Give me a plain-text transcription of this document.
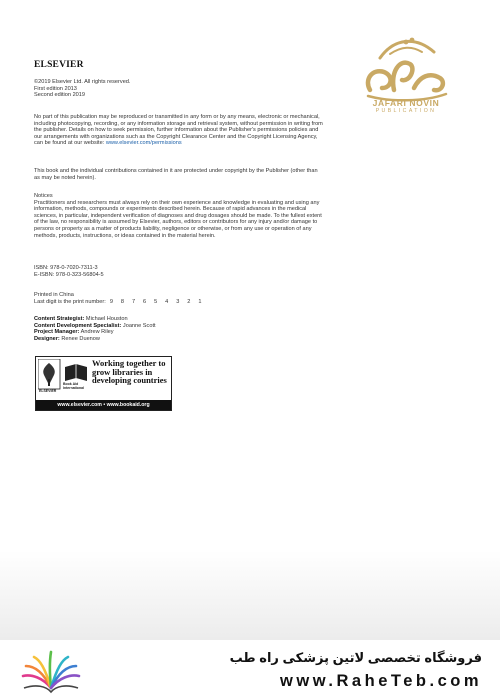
ELSEVIER

©2019 Elsevier Ltd. All rights reserved.

First edition 2013

Second edition 2019

No part of this publication may be reproduced or transmitted in any form or by any means, electronic or mechanical, including photocopying, recording, or any information storage and retrieval system, without permission in writing from the publisher. Details on how to seek permission, further information about the Publisher's permissions policies and our arrangements with organizations such as the Copyright Clearance Center and the Copyright Licensing Agency, can be found at our website: www.elsevier.com/permissions

This book and the individual contributions contained in it are protected under copyright by the Publisher (other than as may be noted herein).

Notices

Practitioners and researchers must always rely on their own experience and knowledge in evaluating and using any information, methods, compounds or experiments described herein. Because of rapid advances in the medical sciences, in particular, independent verification of diagnoses and drug dosages should be made. To the fullest extent of the law, no responsibility is assumed by Elsevier, authors, editors or contributors for any injury and/or damage to persons or property as a matter of products liability, negligence or otherwise, or from any use or operation of any methods, products, instructions, or ideas contained in the material herein.

ISBN: 978-0-7020-7311-3

E-ISBN: 978-0-323-56804-5

Printed in China

Last digit is the print number: 9 8 7 6 5 4 3 2 1

Content Strategist: Michael Houston

Content Development Specialist: Joanne Scott

Project Manager: Andrew Riley

Designer: Renee Duenow

ELSEVIER
Book Aid International
Working together to grow libraries in developing countries
www.elsevier.com • www.bookaid.org
JAFARI NOVIN
PUBLICATION
فروشگاه تخصصی لاتین پزشکی راه طب
www.RaheTeb.com
